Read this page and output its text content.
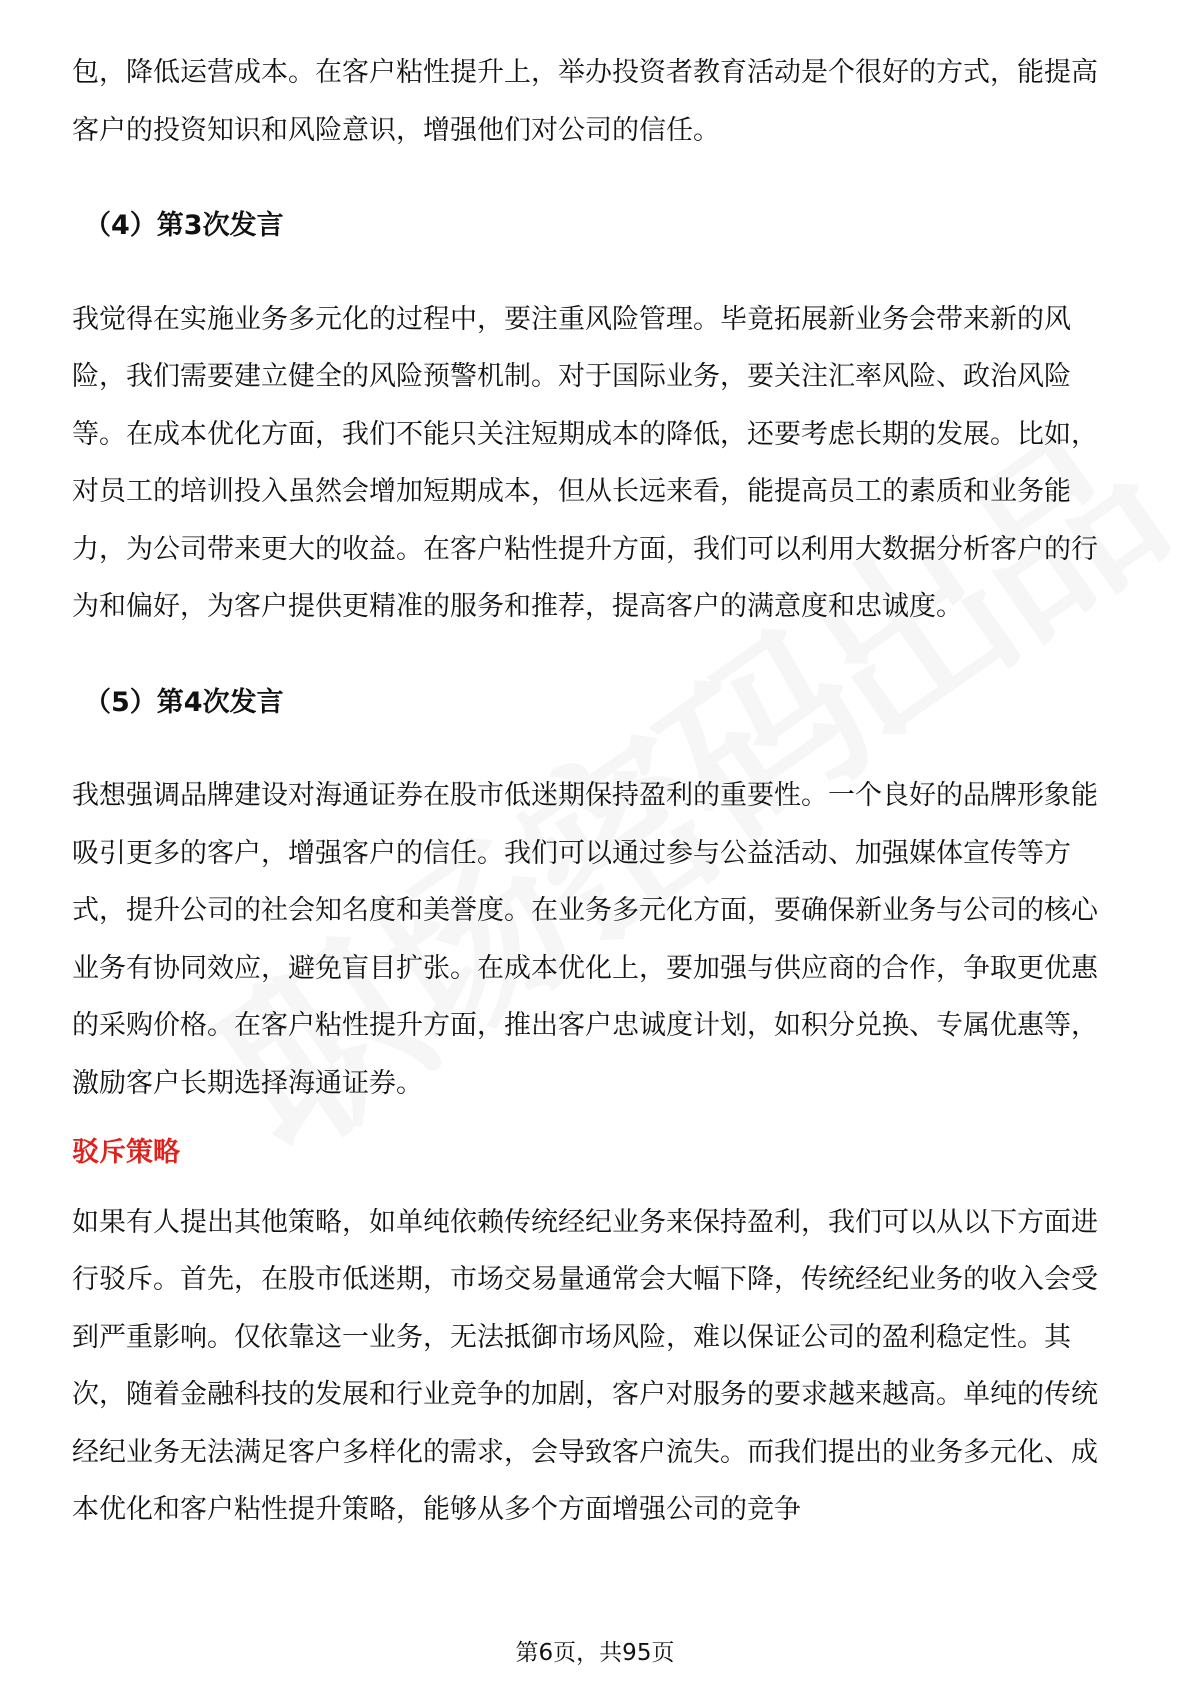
包，降低运营成本。在客户粘性提升上，举办投资者教育活动是个很好的方式，能提高客户的投资知识和风险意识，增强他们对公司的信任。

（4）第3次发言

我觉得在实施业务多元化的过程中，要注重风险管理。毕竟拓展新业务会带来新的风险，我们需要建立健全的风险预警机制。对于国际业务，要关注汇率风险、政治风险等。在成本优化方面，我们不能只关注短期成本的降低，还要考虑长期的发展。比如，对员工的培训投入虽然会增加短期成本，但从长远来看，能提高员工的素质和业务能力，为公司带来更大的收益。在客户粘性提升方面，我们可以利用大数据分析客户的行为和偏好，为客户提供更精准的服务和推荐，提高客户的满意度和忠诚度。

（5）第4次发言

我想强调品牌建设对海通证券在股市低迷期保持盈利的重要性。一个良好的品牌形象能吸引更多的客户，增强客户的信任。我们可以通过参与公益活动、加强媒体宣传等方式，提升公司的社会知名度和美誉度。在业务多元化方面，要确保新业务与公司的核心业务有协同效应，避免盲目扩张。在成本优化上，要加强与供应商的合作，争取更优惠的采购价格。在客户粘性提升方面，推出客户忠诚度计划，如积分兑换、专属优惠等，激励客户长期选择海通证券。

驳斥策略

如果有人提出其他策略，如单纯依赖传统经纪业务来保持盈利，我们可以从以下方面进行驳斥。首先，在股市低迷期，市场交易量通常会大幅下降，传统经纪业务的收入会受到严重影响。仅依靠这一业务，无法抵御市场风险，难以保证公司的盈利稳定性。其次，随着金融科技的发展和行业竞争的加剧，客户对服务的要求越来越高。单纯的传统经纪业务无法满足客户多样化的需求，会导致客户流失。而我们提出的业务多元化、成本优化和客户粘性提升策略，能够从多个方面增强公司的竞争

第6页，共95页
